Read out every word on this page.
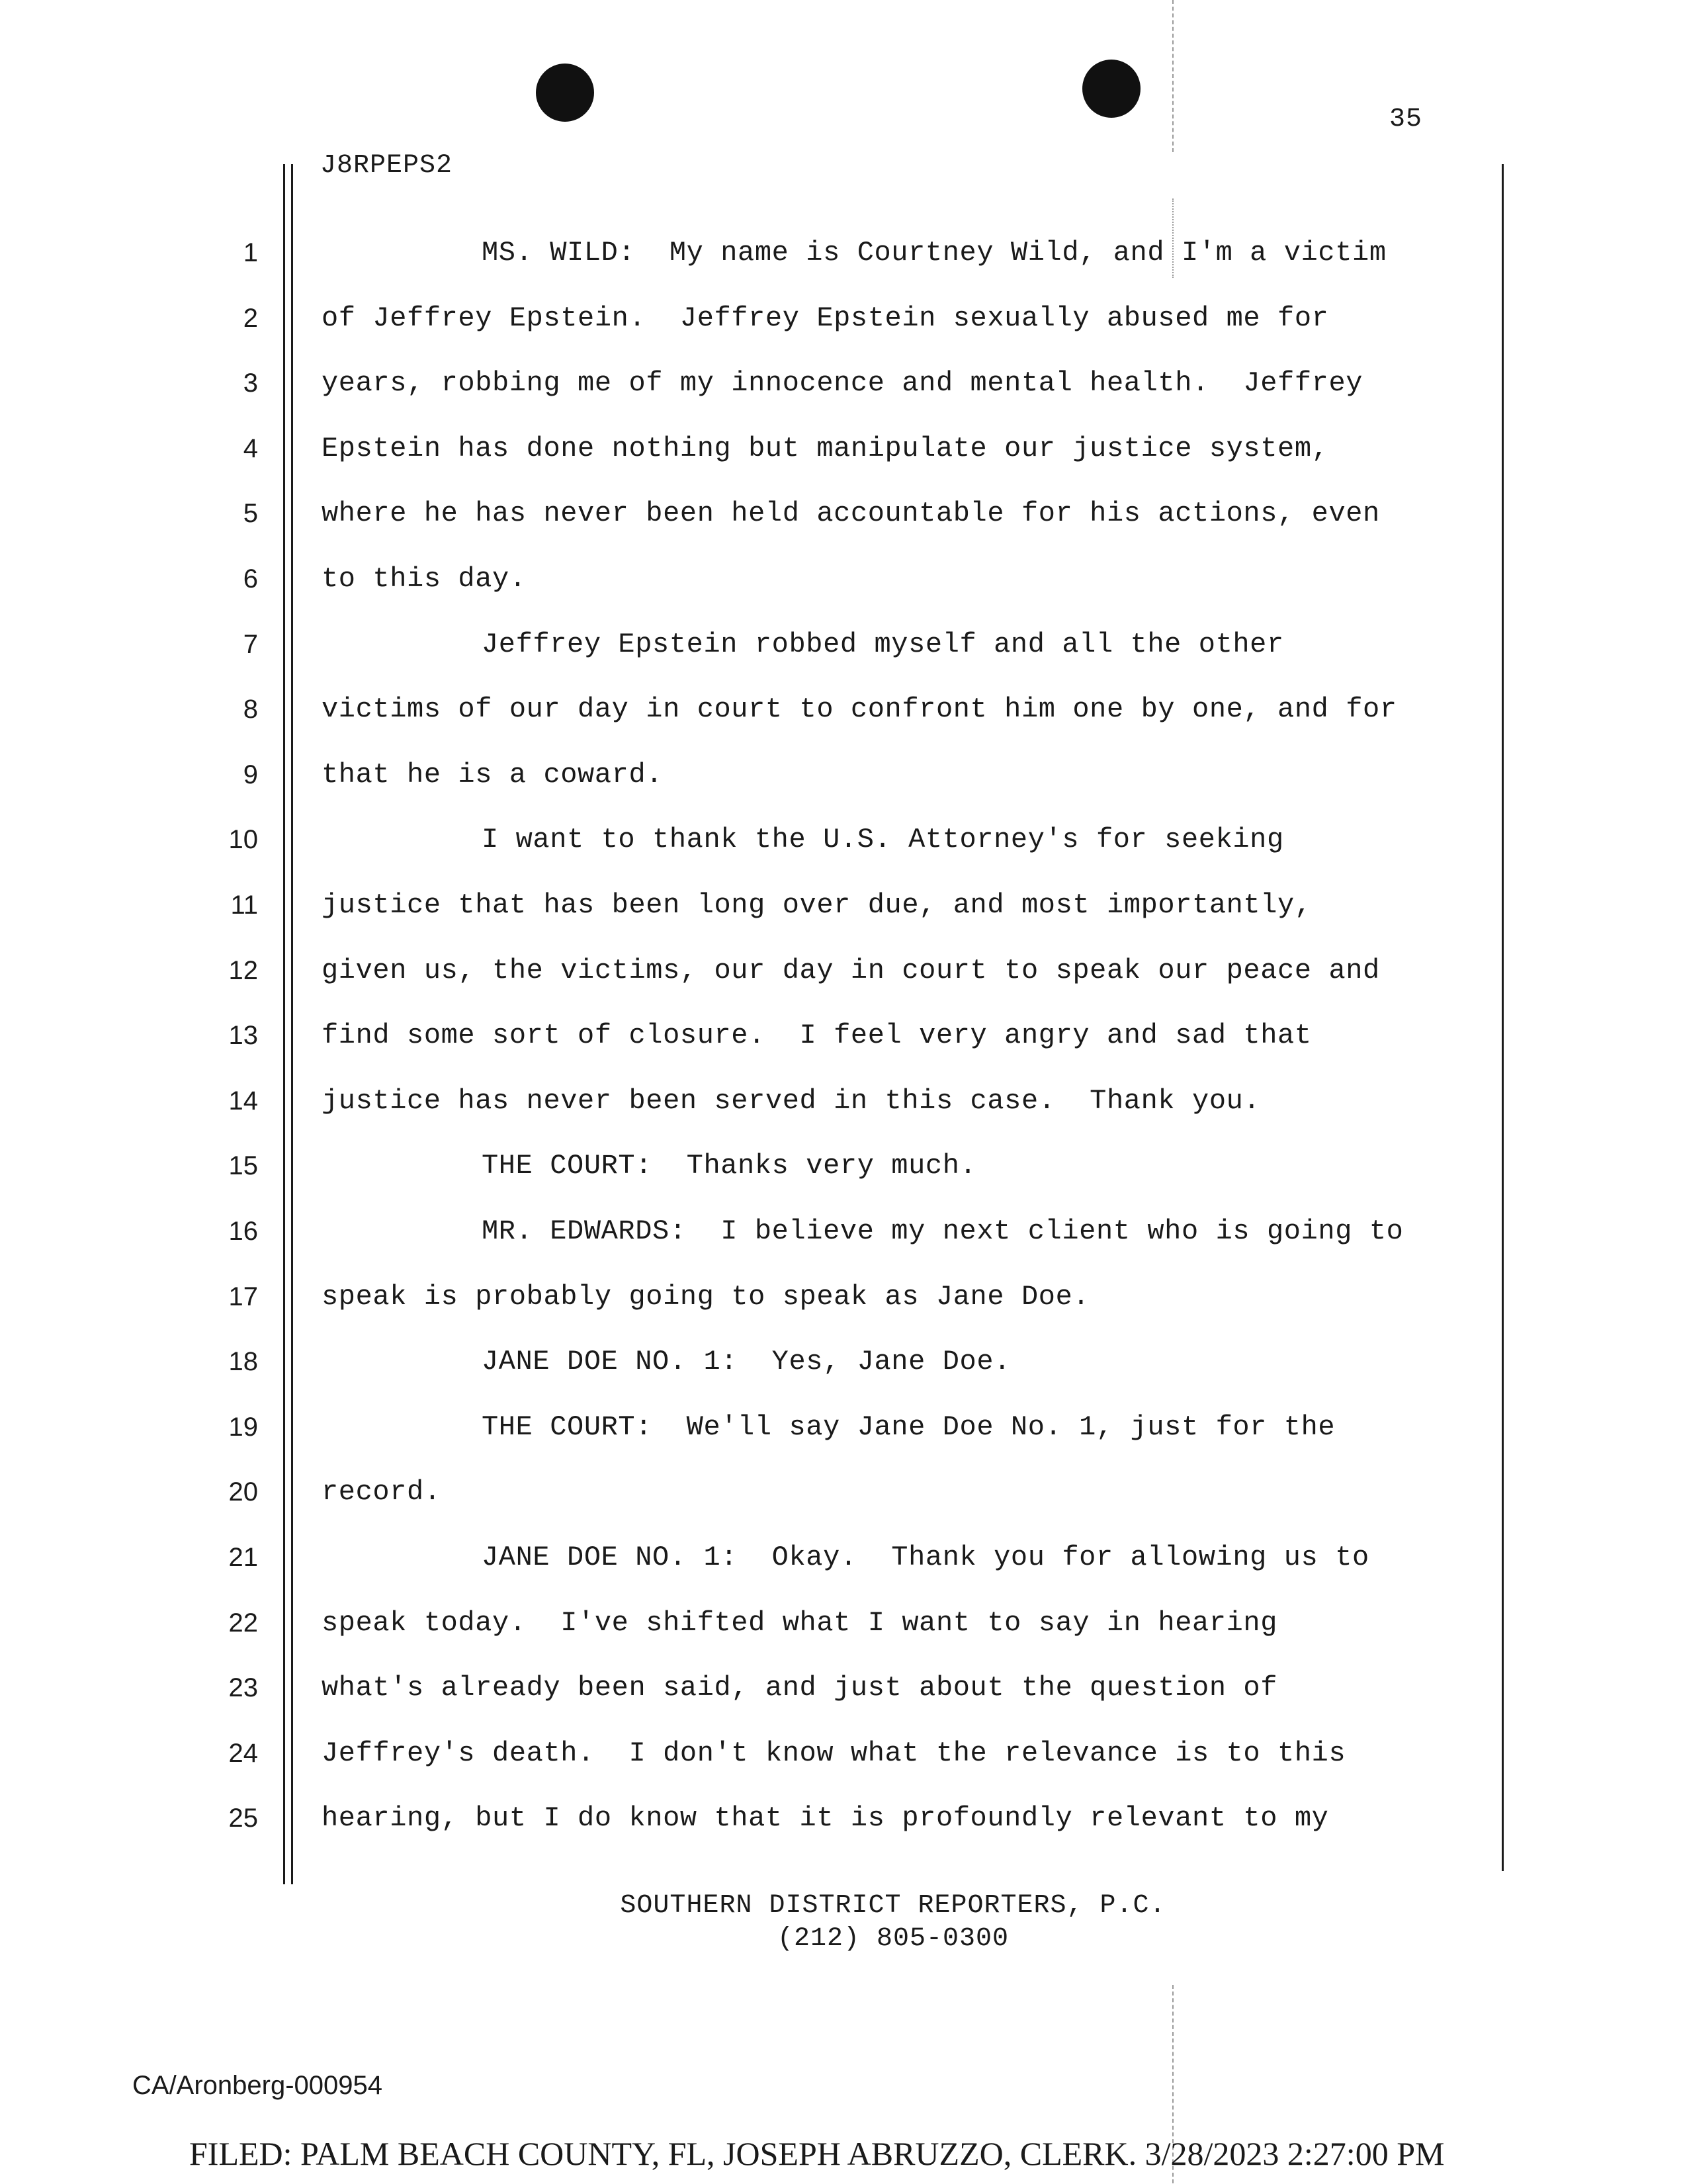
35
J8RPEPS2
1	MS. WILD:  My name is Courtney Wild, and I'm a victim
2 of Jeffrey Epstein.  Jeffrey Epstein sexually abused me for
3 years, robbing me of my innocence and mental health.  Jeffrey
4 Epstein has done nothing but manipulate our justice system,
5 where he has never been held accountable for his actions, even
6 to this day.
7	Jeffrey Epstein robbed myself and all the other
8 victims of our day in court to confront him one by one, and for
9 that he is a coward.
10	I want to thank the U.S. Attorney's for seeking
11 justice that has been long over due, and most importantly,
12 given us, the victims, our day in court to speak our peace and
13 find some sort of closure.  I feel very angry and sad that
14 justice has never been served in this case.  Thank you.
15	THE COURT:  Thanks very much.
16	MR. EDWARDS:  I believe my next client who is going to
17 speak is probably going to speak as Jane Doe.
18	JANE DOE NO. 1:  Yes, Jane Doe.
19	THE COURT:  We'll say Jane Doe No. 1, just for the
20 record.
21	JANE DOE NO. 1:  Okay.  Thank you for allowing us to
22 speak today.  I've shifted what I want to say in hearing
23 what's already been said, and just about the question of
24 Jeffrey's death.  I don't know what the relevance is to this
25 hearing, but I do know that it is profoundly relevant to my
SOUTHERN DISTRICT REPORTERS, P.C.
(212) 805-0300
CA/Aronberg-000954
FILED: PALM BEACH COUNTY, FL, JOSEPH ABRUZZO, CLERK. 3/28/2023 2:27:00 PM
